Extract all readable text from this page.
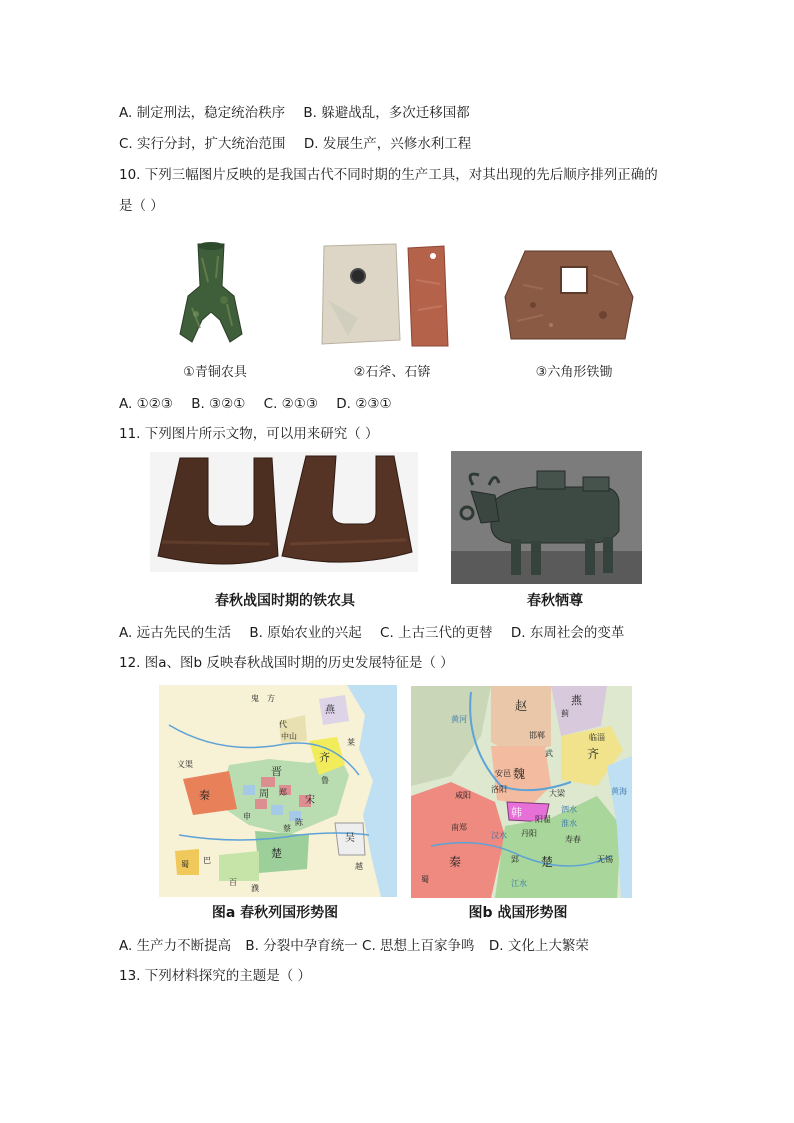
A. 制定刑法，稳定统治秩序 B. 躲避战乱，多次迁移国都
C. 实行分封，扩大统治范围 D. 发展生产，兴修水利工程
10. 下列三幅图片反映的是我国古代不同时期的生产工具，对其出现的先后顺序排列正确的
是（ ）
①青铜农具	②石斧、石锛	③六角形铁锄
A. ①②③ B. ③②① C. ②①③ D. ②③①
11. 下列图片所示文物，可以用来研究（ ）
春秋战国时期的铁农具	春秋牺尊
A. 远古先民的生活 B. 原始农业的兴起 C. 上古三代的更替 D. 东周社会的变革
12. 图a、图b 反映春秋战国时期的历史发展特征是（ ）
鬼 方
代
燕
中山
晋
齐
莱
秦	周 郑
宋
鲁
楚
吴
越
蜀 巴
义渠
申
陈
蔡
百
濮
赵	燕
齐
魏
韩
秦	楚
邯郸	临淄
大梁
洛阳
咸阳
阳翟
安邑
丹阳
南郑
寿春
无锡
黄海
黄河
汉水
淮水
江水
泗水
蓟
武
郢
蜀
图a 春秋列国形势图	图b 战国形势图
A. 生产力不断提高 B. 分裂中孕育统一 C. 思想上百家争鸣 D. 文化上大繁荣
13. 下列材料探究的主题是（ ）
